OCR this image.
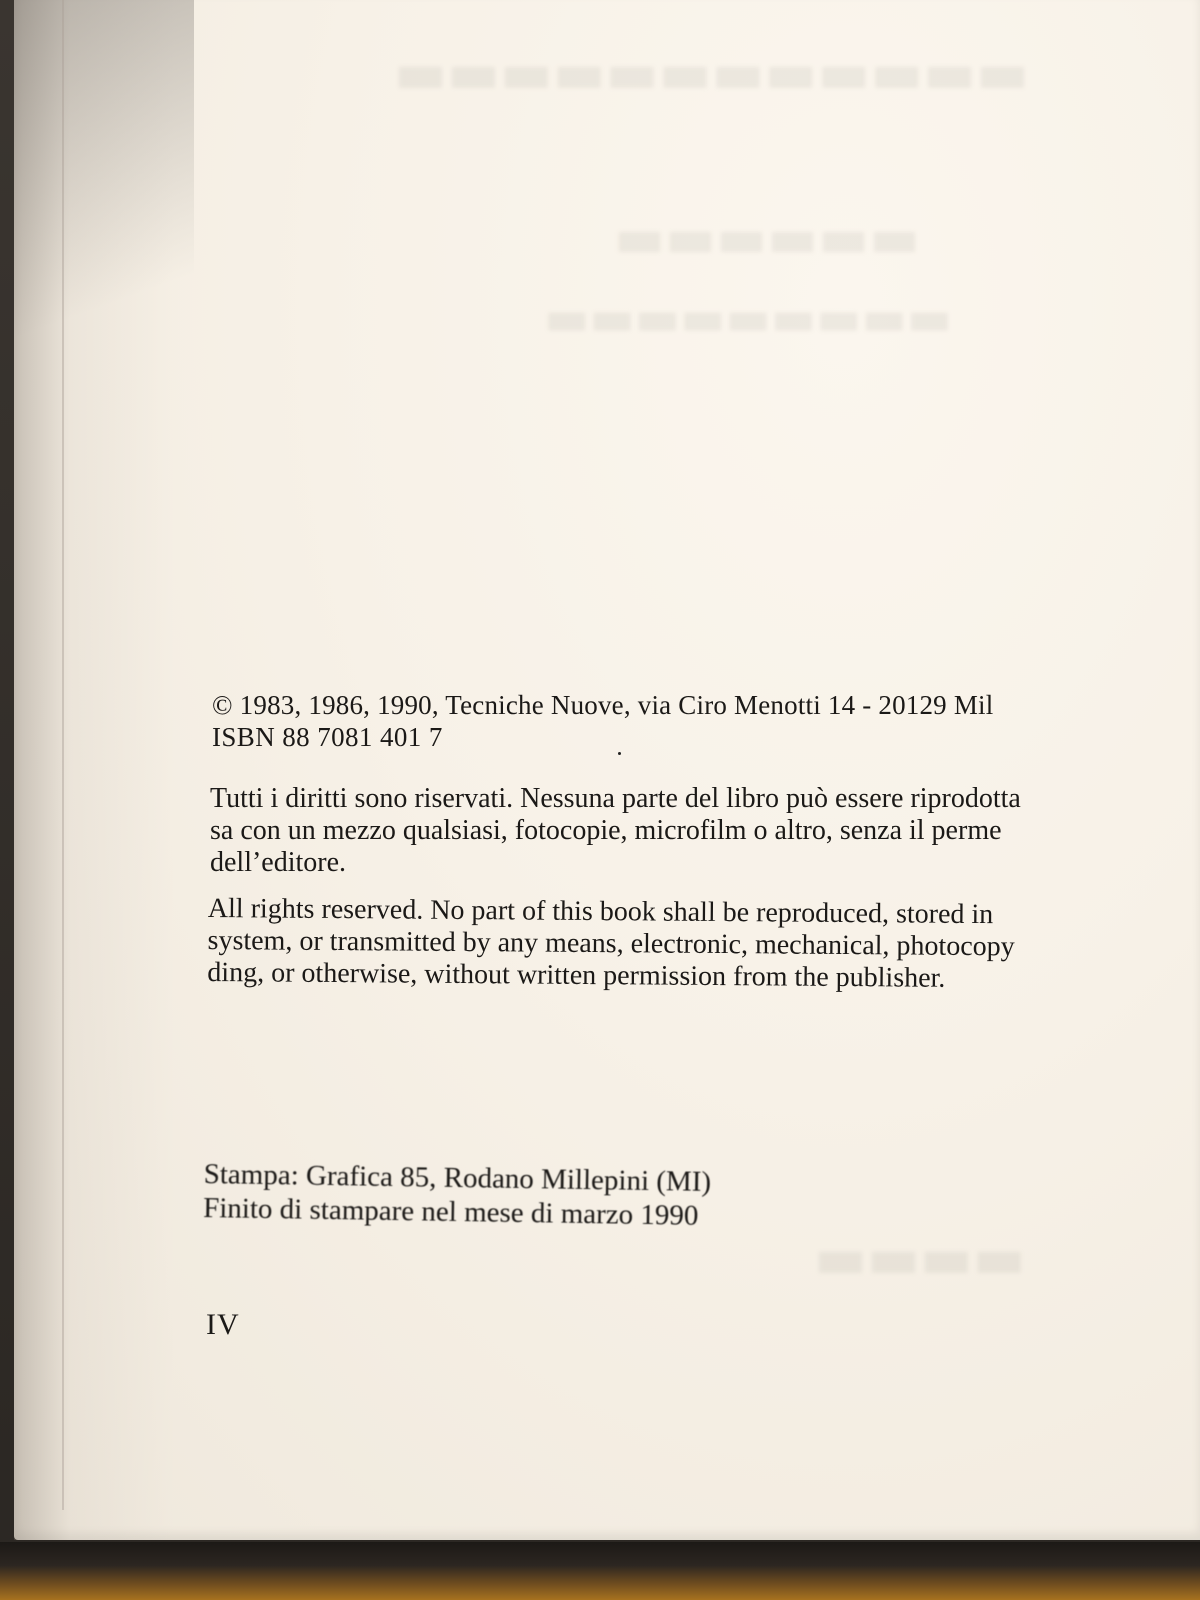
▬▬▬▬▬▬▬▬▬▬▬▬
▬▬▬▬▬▬
▬▬▬▬▬▬▬▬▬
▬▬▬▬
© 1983, 1986, 1990, Tecniche Nuove, via Ciro Menotti 14 - 20129 Mil
ISBN 88 7081 401 7
Tutti i diritti sono riservati. Nessuna parte del libro può essere riprodotta
sa con un mezzo qualsiasi, fotocopie, microfilm o altro, senza il perme
dell’editore.
All rights reserved. No part of this book shall be reproduced, stored in
system, or transmitted by any means, electronic, mechanical, photocopy
ding, or otherwise, without written permission from the publisher.
Stampa: Grafica 85, Rodano Millepini (MI)
Finito di stampare nel mese di marzo 1990
IV
